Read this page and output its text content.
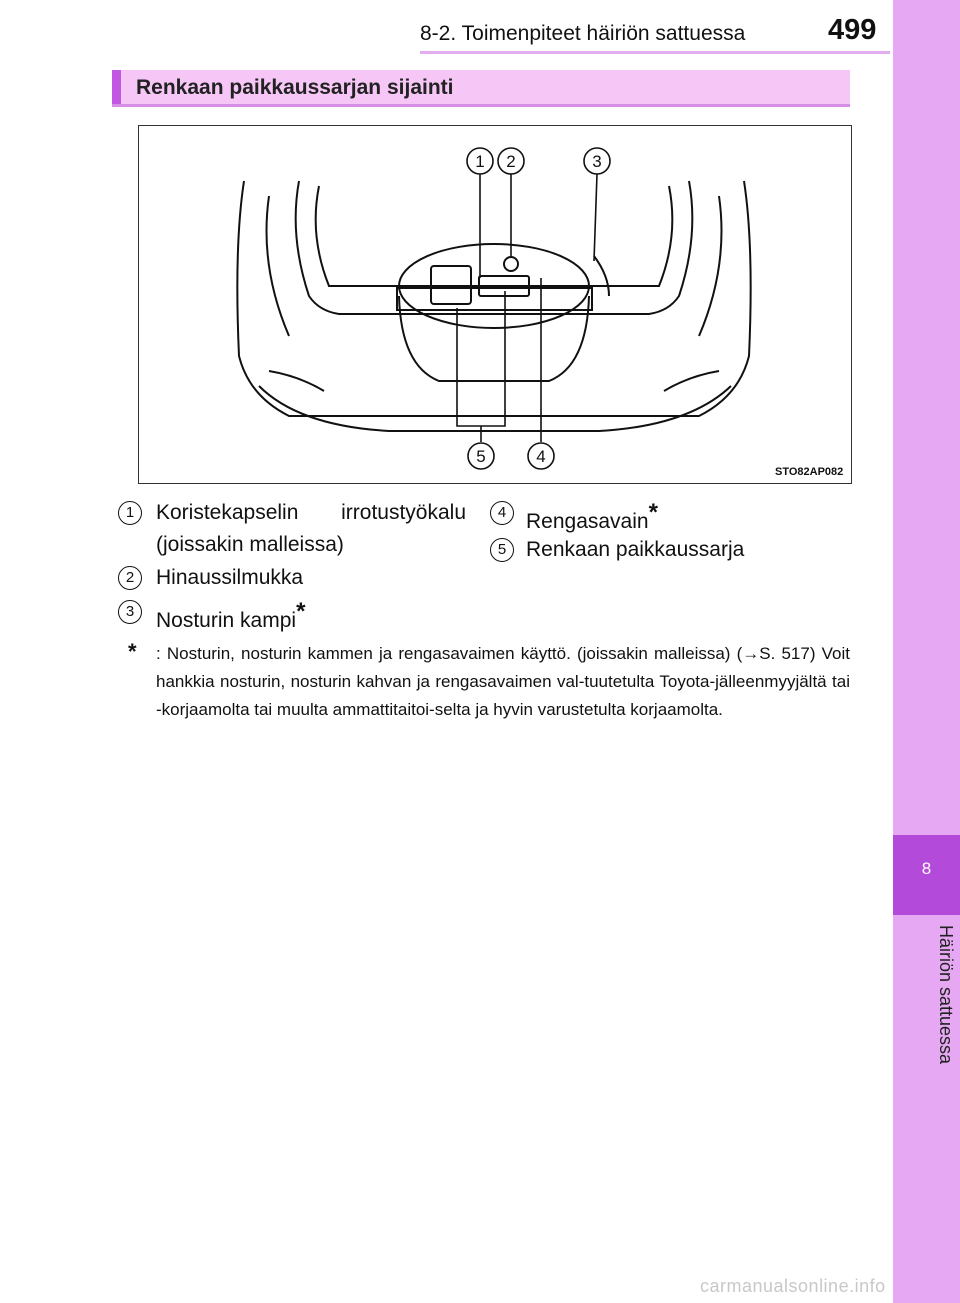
8-2. Toimenpiteet häiriön sattuessa	499
8
Häiriön sattuessa
Renkaan paikkaussarjan sijainti
1 2	3
4
5
STO82AP082
1	Koristekapselin irrotustyökalu
(joissakin malleissa)
2	Hinaussilmukka
3	Nosturin kampi*
4 Rengasavain*
5 Renkaan paikkaussarja
* : Nosturin, nosturin kammen ja rengasavaimen käyttö. (joissakin malleissa) (→S. 517) Voit hankkia nosturin, nosturin kahvan ja rengasavaimen val-tuutetulta Toyota-jälleenmyyjältä tai -korjaamolta tai muulta ammattitaitoi-selta ja hyvin varustetulta korjaamolta.
carmanualsonline.info
